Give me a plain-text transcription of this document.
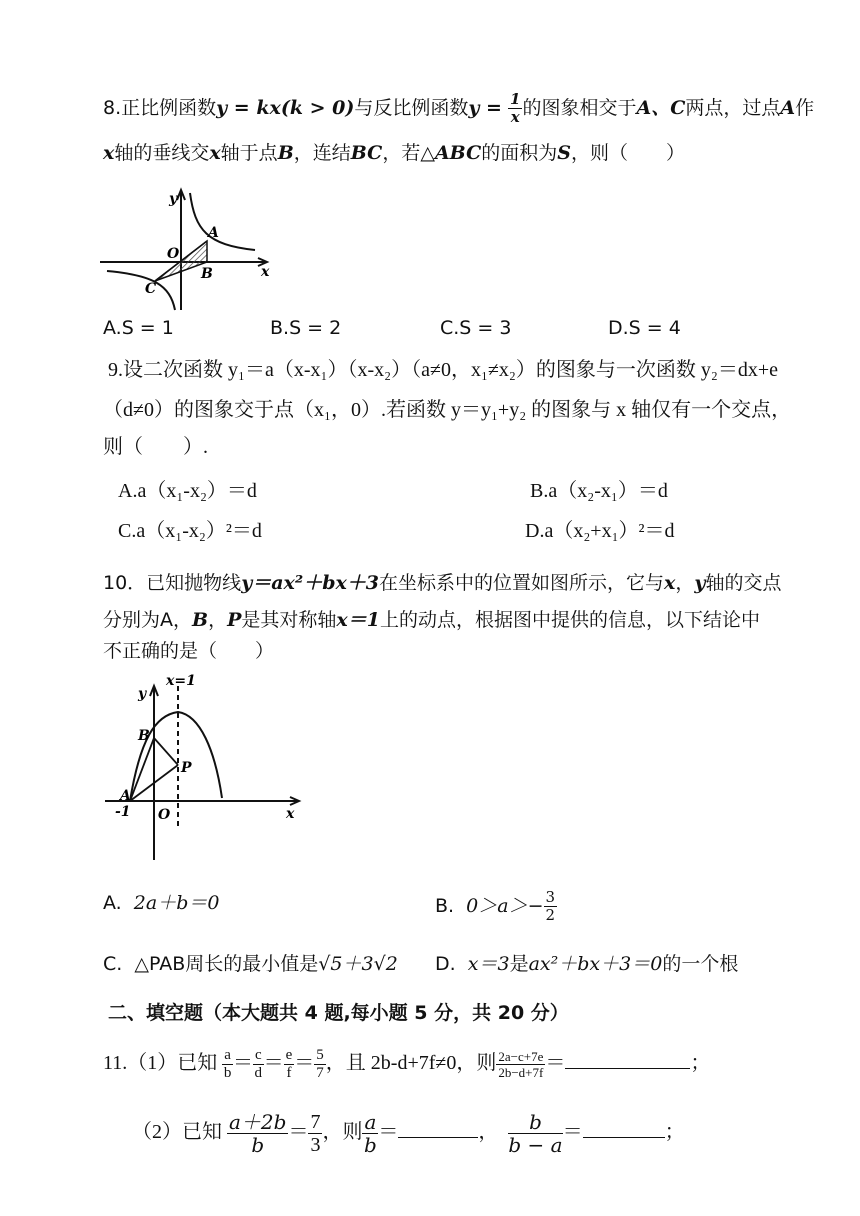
8.正比例函数y = kx(k > 0)与反比例函数$y = \frac{1}{x}$ 的图象相交于A、C两点，过点A作
x轴的垂线交x轴于点B，连结BC，若△ABC的面积为S，则（　　）
y
O
A
B
C
x
A.S = 1	B.S = 2	C.S = 3	D.S = 4
9.设二次函数 y₁＝a（x-x₁）（x-x₂）（a≠0，x₁≠x₂）的图象与一次函数 y₂＝dx+e
（d≠0）的图象交于点（x₁，0）.若函数 y＝y₁+y₂ 的图象与 x 轴仅有一个交点，
则（　　）.
A.a（x₁-x₂）＝d	B.a（x₂-x₁）＝d
C.a（x₁-x₂）²＝d	D.a（x₂+x₁）²＝d
10．已知抛物线y＝ax²＋bx＋3在坐标系中的位置如图所示，它与x，y轴的交点
分别为A，B，P是其对称轴x＝1上的动点，根据图中提供的信息，以下结论中
不正确的是（　　）
x=1
y
B
P
A
-1 O	x
A. 2a＋b＝0	B. $0>a>- \frac{3}{2}$
C. △PAB周长的最小值是√5＋3√2 D. x＝3是ax²＋bx＋3＝0的一个根
二、填空题（本大题共 4 题,每小题 5 分，共 20 分）
11.（1）已知 $\frac{a}{b} = \frac{c}{d} = \frac{e}{f} = \frac{5}{7}$ ，且 2b-d+7f≠0，则 $\frac{2a-c+7e}{2b-d+7f}$ ＝	；
（2）已知 $\frac{a+2b}{b} = \frac{7}{3}$ ，则 $\frac{a}{b}$ ＝	， $\frac{b}{b - a}$ ＝	；
